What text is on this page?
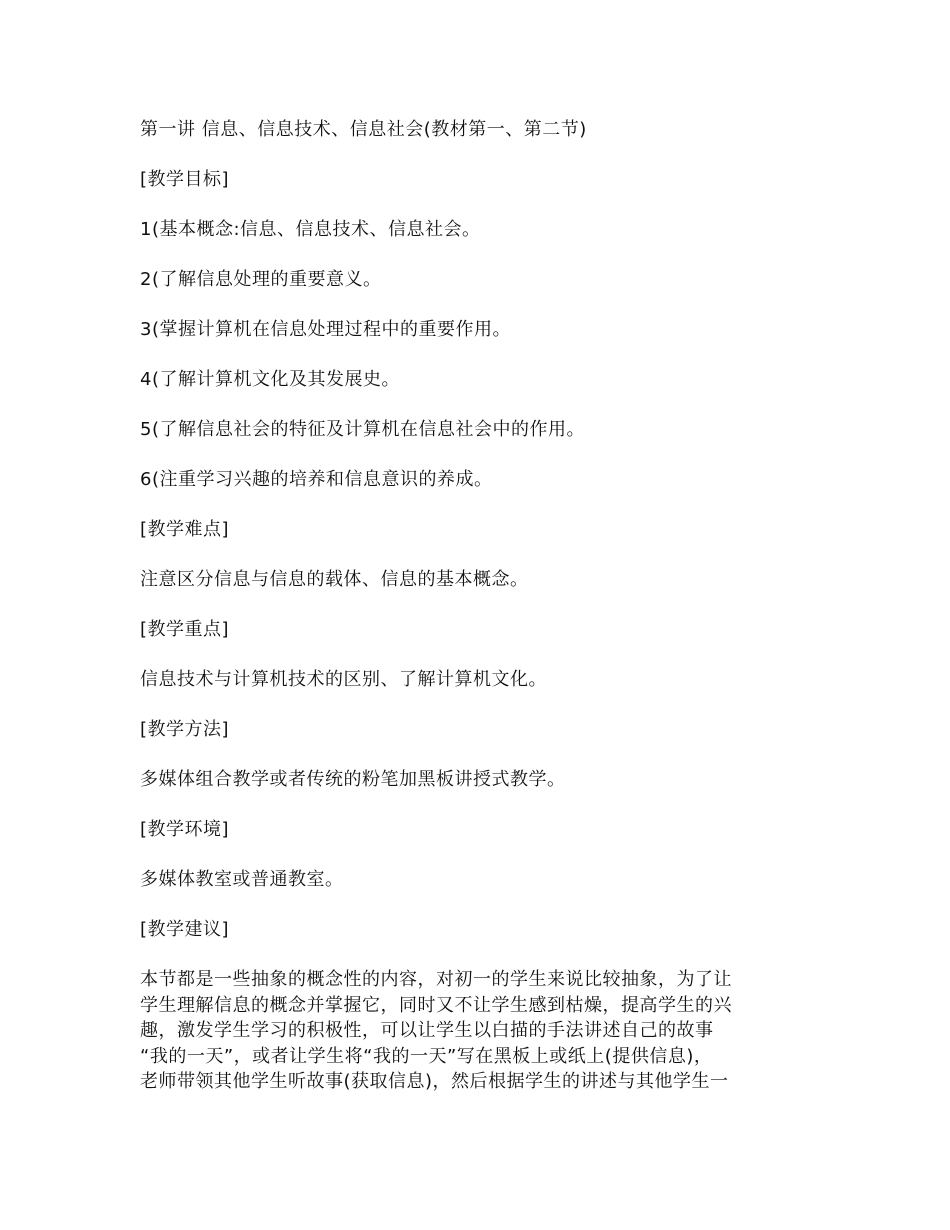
第一讲 信息、信息技术、信息社会(教材第一、第二节)
[教学目标]
1(基本概念:信息、信息技术、信息社会。
2(了解信息处理的重要意义。
3(掌握计算机在信息处理过程中的重要作用。
4(了解计算机文化及其发展史。
5(了解信息社会的特征及计算机在信息社会中的作用。
6(注重学习兴趣的培养和信息意识的养成。
[教学难点]
注意区分信息与信息的载体、信息的基本概念。
[教学重点]
信息技术与计算机技术的区别、了解计算机文化。
[教学方法]
多媒体组合教学或者传统的粉笔加黑板讲授式教学。
[教学环境]
多媒体教室或普通教室。
[教学建议]
本节都是一些抽象的概念性的内容，对初一的学生来说比较抽象，为了让
学生理解信息的概念并掌握它，同时又不让学生感到枯燥，提高学生的兴
趣，激发学生学习的积极性，可以让学生以白描的手法讲述自己的故事
“我的一天”，或者让学生将“我的一天”写在黑板上或纸上(提供信息)，
老师带领其他学生听故事(获取信息)，然后根据学生的讲述与其他学生一
